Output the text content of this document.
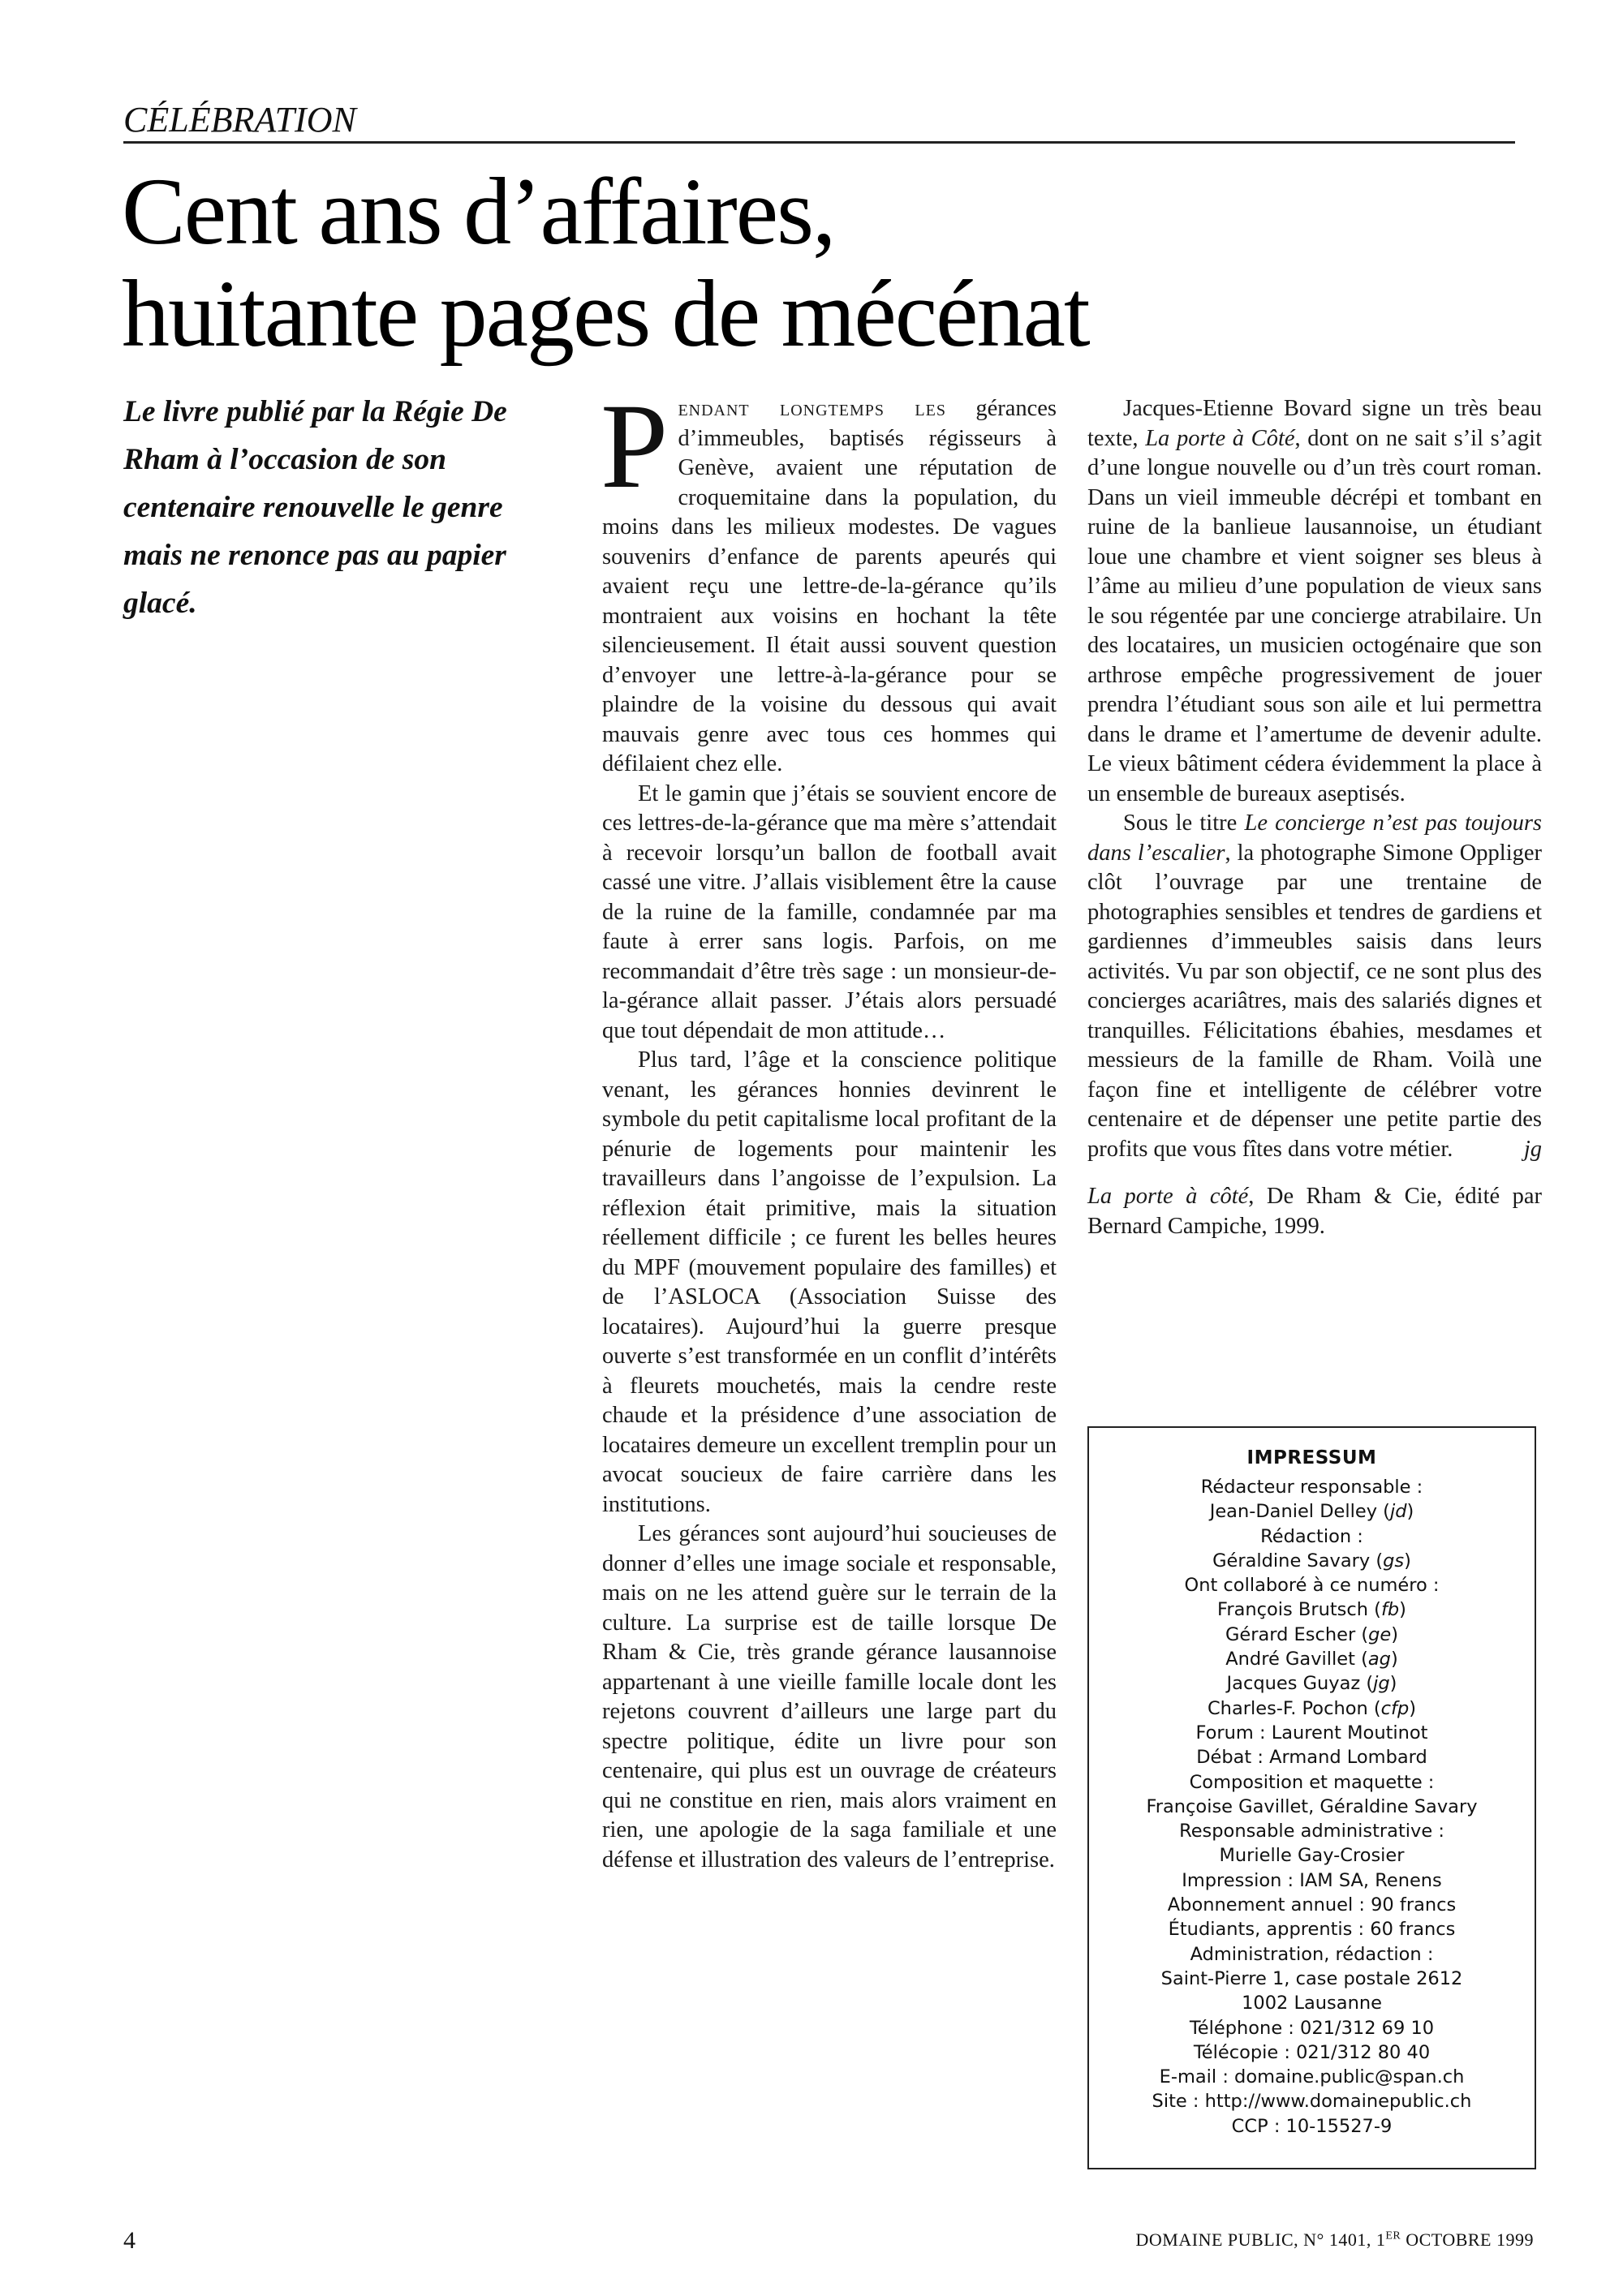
CÉLÉBRATION
Cent ans d’affaires,
huitante pages de mécénat
Le livre publié par la Régie De Rham à l’occasion de son centenaire renouvelle le genre mais ne renonce pas au papier glacé.

Pendant longtemps les gérances d’immeubles, baptisés régisseurs à Genève, avaient une réputation de croquemitaine dans la population, du moins dans les milieux modestes. De vagues souvenirs d’enfance de parents apeurés qui avaient reçu une lettre-de-la-gérance qu’ils montraient aux voisins en hochant la tête silencieusement. Il était aussi souvent question d’envoyer une lettre-à-la-gérance pour se plaindre de la voisine du dessous qui avait mauvais genre avec tous ces hommes qui défilaient chez elle.

Et le gamin que j’étais se souvient encore de ces lettres-de-la-gérance que ma mère s’attendait à recevoir lorsqu’un ballon de football avait cassé une vitre. J’allais visiblement être la cause de la ruine de la famille, condamnée par ma faute à errer sans logis. Parfois, on me recommandait d’être très sage : un monsieur-de-la-gérance allait passer. J’étais alors persuadé que tout dépendait de mon attitude…

Plus tard, l’âge et la conscience politique venant, les gérances honnies devinrent le symbole du petit capitalisme local profitant de la pénurie de logements pour maintenir les travailleurs dans l’angoisse de l’expulsion. La réflexion était primitive, mais la situation réellement difficile ; ce furent les belles heures du MPF (mouvement populaire des familles) et de l’ASLOCA (Association Suisse des locataires). Aujourd’hui la guerre presque ouverte s’est transformée en un conflit d’intérêts à fleurets mouchetés, mais la cendre reste chaude et la présidence d’une association de locataires demeure un excellent tremplin pour un avocat soucieux de faire carrière dans les institutions.

Les gérances sont aujourd’hui soucieuses de donner d’elles une image sociale et responsable, mais on ne les attend guère sur le terrain de la culture. La surprise est de taille lorsque De Rham & Cie, très grande gérance lausannoise appartenant à une vieille famille locale dont les rejetons couvrent d’ailleurs une large part du spectre politique, édite un livre pour son centenaire, qui plus est un ouvrage de créateurs qui ne constitue en rien, mais alors vraiment en rien, une apologie de la saga familiale et une défense et illustration des valeurs de l’entreprise.

Jacques-Etienne Bovard signe un très beau texte, La porte à Côté, dont on ne sait s’il s’agit d’une longue nouvelle ou d’un très court roman. Dans un vieil immeuble décrépi et tombant en ruine de la banlieue lausannoise, un étudiant loue une chambre et vient soigner ses bleus à l’âme au milieu d’une population de vieux sans le sou régentée par une concierge atrabilaire. Un des locataires, un musicien octogénaire que son arthrose empêche progressivement de jouer prendra l’étudiant sous son aile et lui permettra dans le drame et l’amertume de devenir adulte. Le vieux bâtiment cédera évidemment la place à un ensemble de bureaux aseptisés.

Sous le titre Le concierge n’est pas toujours dans l’escalier, la photographe Simone Oppliger clôt l’ouvrage par une trentaine de photographies sensibles et tendres de gardiens et gardiennes d’immeubles saisis dans leurs activités. Vu par son objectif, ce ne sont plus des concierges acariâtres, mais des salariés dignes et tranquilles. Félicitations ébahies, mesdames et messieurs de la famille de Rham. Voilà une façon fine et intelligente de célébrer votre centenaire et de dépenser une petite partie des profits que vous fîtes dans votre métier.	jg

La porte à côté, De Rham & Cie, édité par Bernard Campiche, 1999.

IMPRESSUM
Rédacteur responsable :
Jean-Daniel Delley (jd)
Rédaction :
Géraldine Savary (gs)
Ont collaboré à ce numéro :
François Brutsch (fb)
Gérard Escher (ge)
André Gavillet (ag)
Jacques Guyaz (jg)
Charles-F. Pochon (cfp)
Forum : Laurent Moutinot
Débat : Armand Lombard
Composition et maquette :
Françoise Gavillet, Géraldine Savary
Responsable administrative :
Murielle Gay-Crosier
Impression : IAM SA, Renens
Abonnement annuel : 90 francs
Étudiants, apprentis : 60 francs
Administration, rédaction :
Saint-Pierre 1, case postale 2612
1002 Lausanne
Téléphone : 021/312 69 10
Télécopie : 021/312 80 40
E-mail : domaine.public@span.ch
Site : http://www.domainepublic.ch
CCP : 10-15527-9
4	DOMAINE PUBLIC, N° 1401, 1ER OCTOBRE 1999
